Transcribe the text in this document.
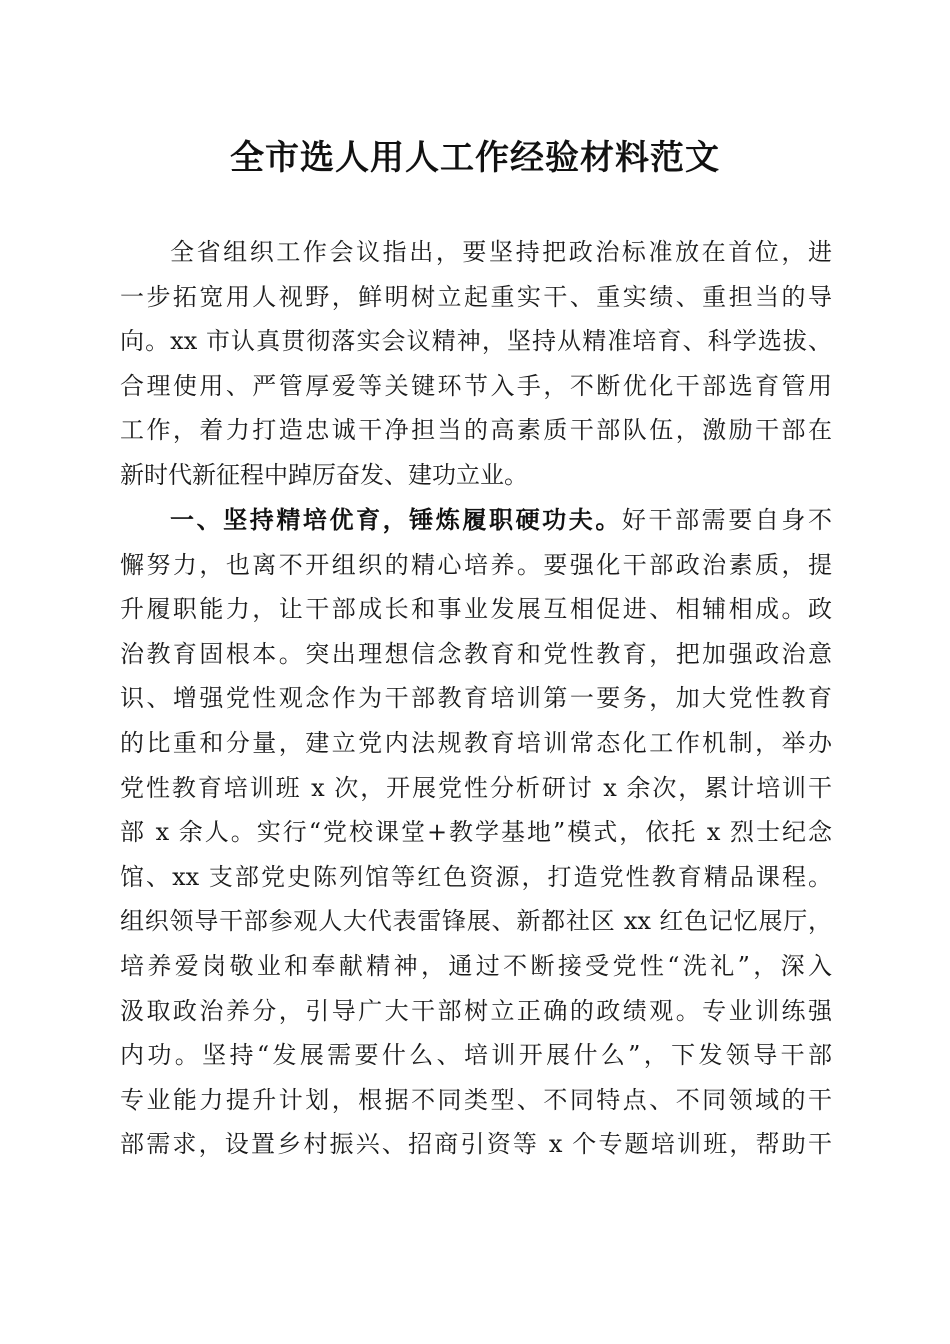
全市选人用人工作经验材料范文
全省组织工作会议指出，要坚持把政治标准放在首位，进
一步拓宽用人视野，鲜明树立起重实干、重实绩、重担当的导
向。xx 市认真贯彻落实会议精神，坚持从精准培育、科学选拔、
合理使用、严管厚爱等关键环节入手，不断优化干部选育管用
工作，着力打造忠诚干净担当的高素质干部队伍，激励干部在
新时代新征程中踔厉奋发、建功立业。
一、坚持精培优育，锤炼履职硬功夫。好干部需要自身不
懈努力，也离不开组织的精心培养。要强化干部政治素质，提
升履职能力，让干部成长和事业发展互相促进、相辅相成。政
治教育固根本。突出理想信念教育和党性教育，把加强政治意
识、增强党性观念作为干部教育培训第一要务，加大党性教育
的比重和分量，建立党内法规教育培训常态化工作机制，举办
党性教育培训班 x 次，开展党性分析研讨 x 余次，累计培训干
部 x 余人。实行“党校课堂+教学基地”模式，依托 x 烈士纪念
馆、xx 支部党史陈列馆等红色资源，打造党性教育精品课程。
组织领导干部参观人大代表雷锋展、新都社区 xx 红色记忆展厅，
培养爱岗敬业和奉献精神，通过不断接受党性“洗礼”，深入
汲取政治养分，引导广大干部树立正确的政绩观。专业训练强
内功。坚持“发展需要什么、培训开展什么”，下发领导干部
专业能力提升计划，根据不同类型、不同特点、不同领域的干
部需求，设置乡村振兴、招商引资等 x 个专题培训班，帮助干
